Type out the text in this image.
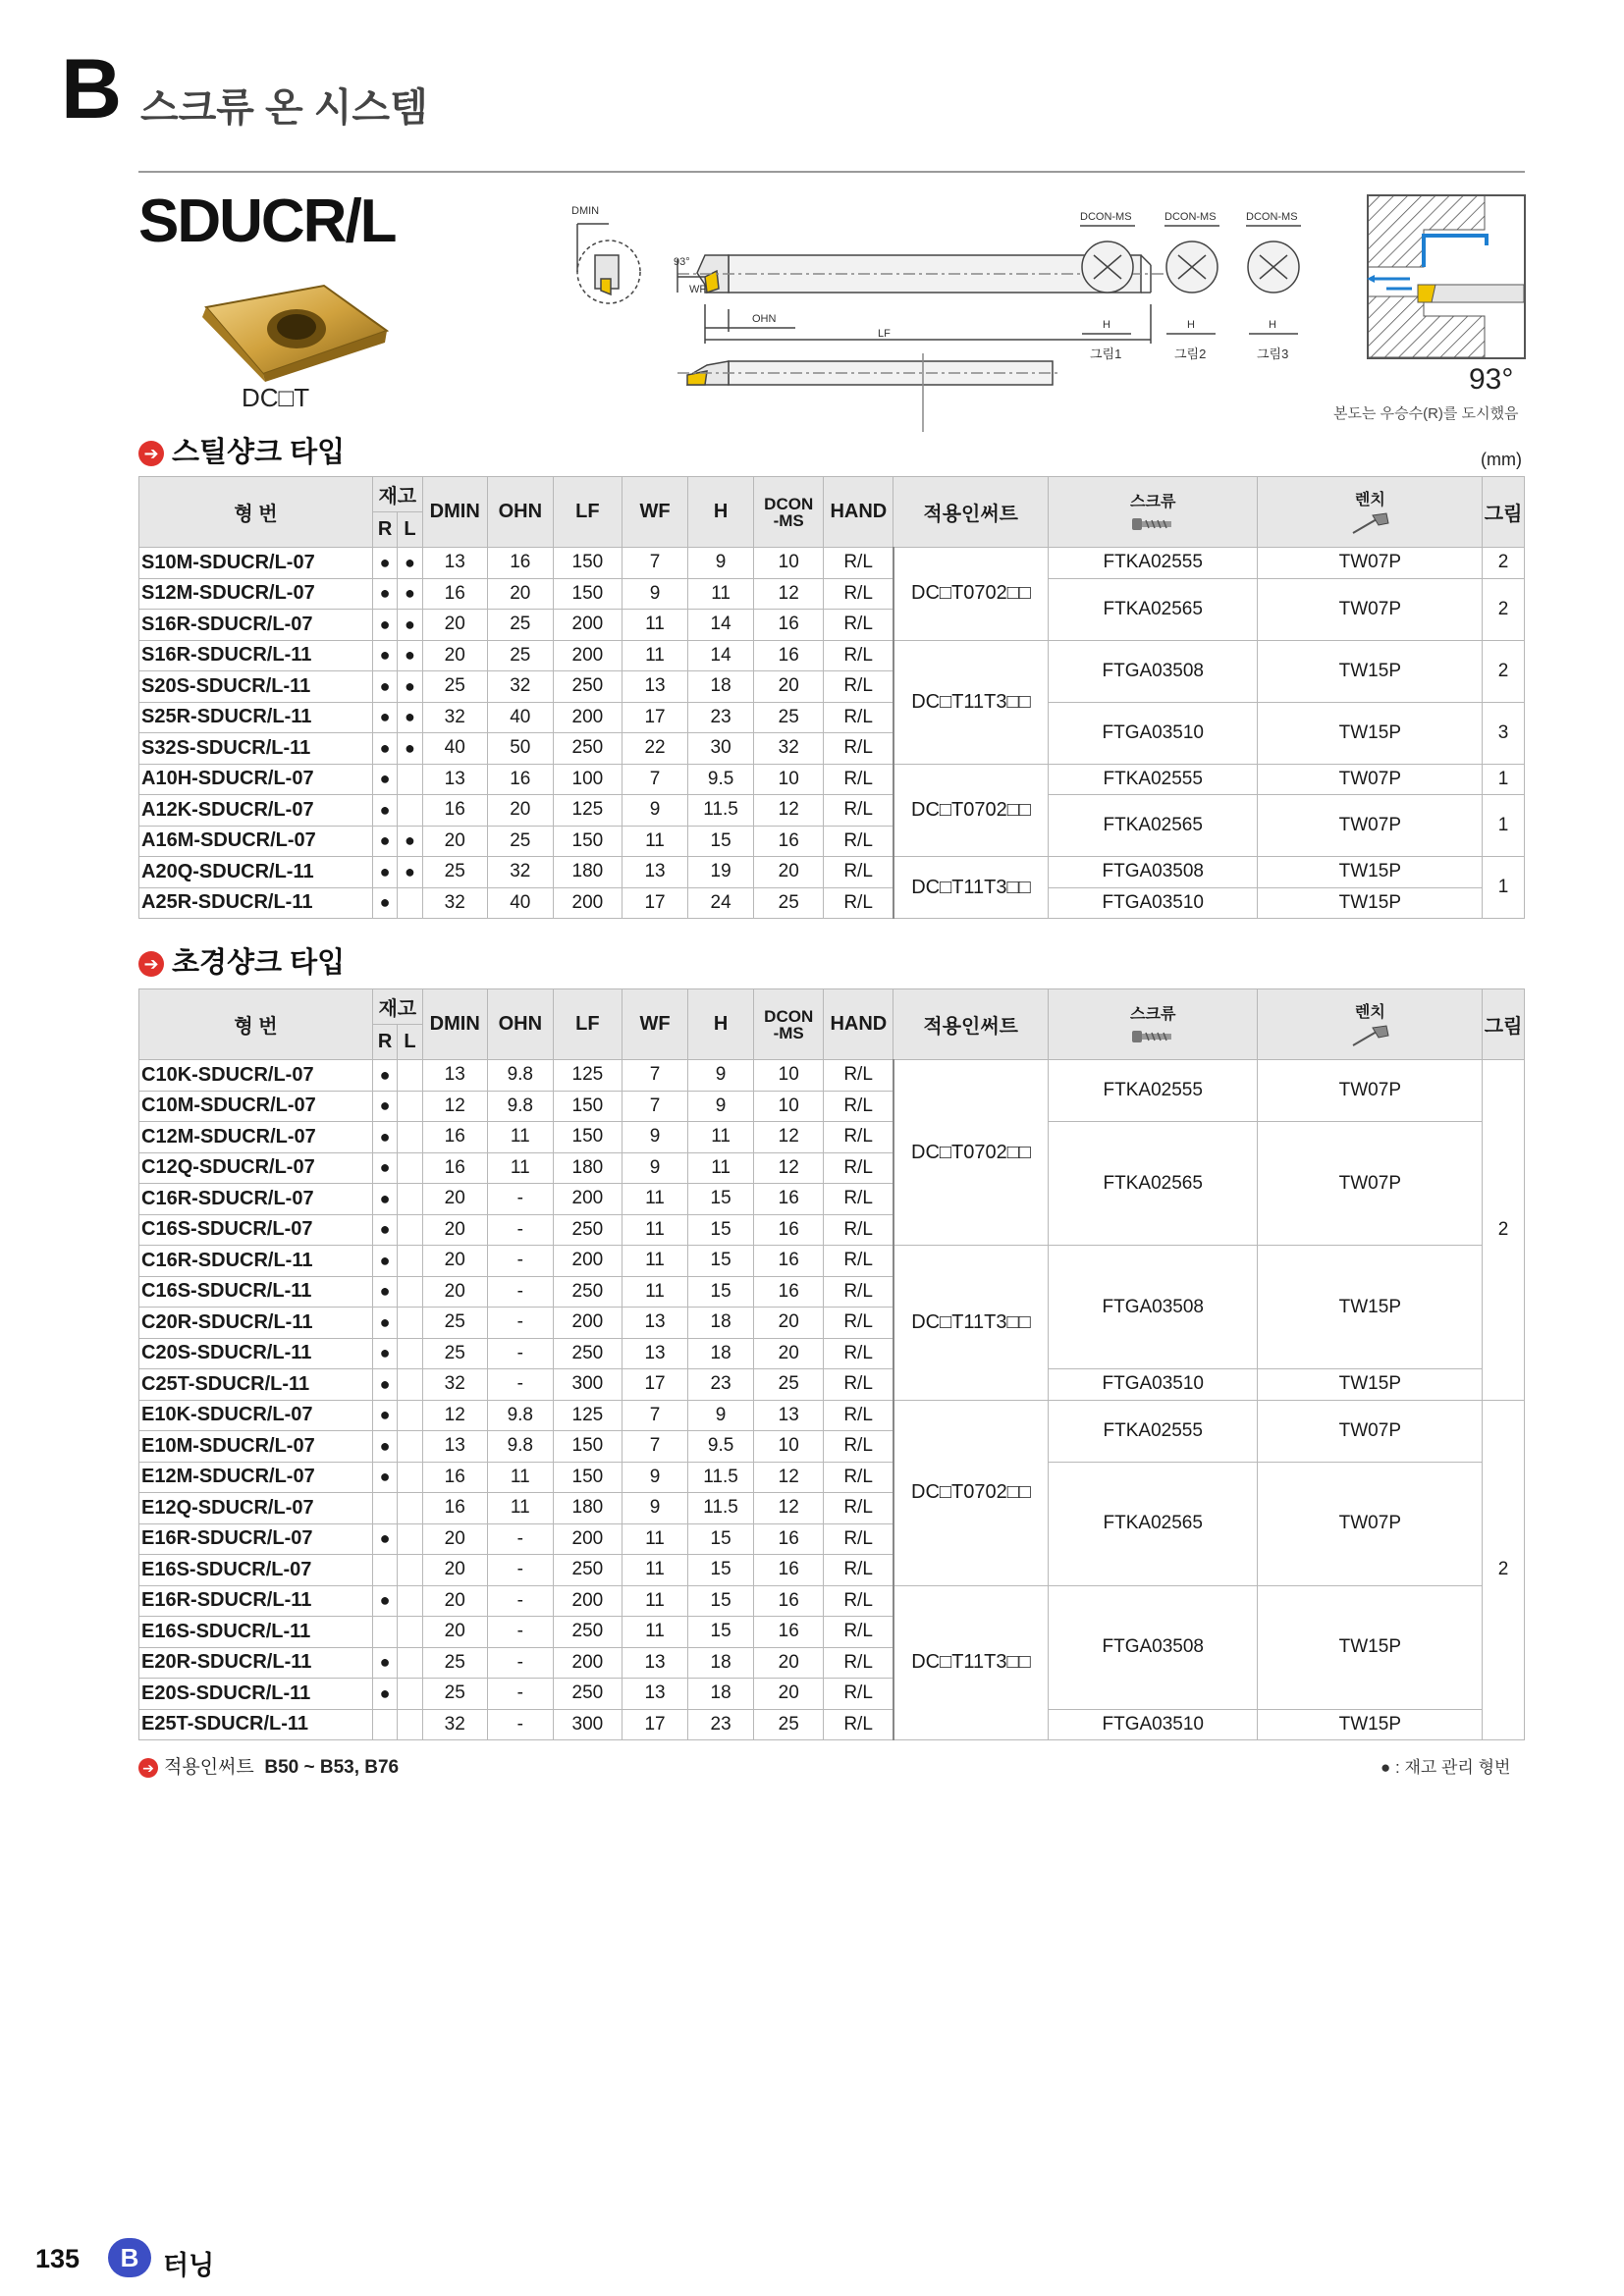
B 스크류 온 시스템
SDUCR/L
DC□T
DMIN
93°
WF
OHN
LF
DCON-MS	DCON-MS	DCON-MS
H	H	H
그림1	그림2	그림3
93°
본도는 우승수(R)를 도시했음
➔ 스틸샹크 타입	(mm)
형 번	재고		DMIN	OHN	LF	WF	H	DCON
-MS	HAND	적용인써트	스크류	렌치	그림
	R	L											
S10M-SDUCR/L-07	●	●	13	16	150	7	9	10	R/L	DC□T0702□□	FTKA02555	TW07P	2
S12M-SDUCR/L-07	●	●	16	20	150	9	11	12	R/L		FTKA02565	TW07P	2
S16R-SDUCR/L-07	●	●	20	25	200	11	14	16	R/L				
S16R-SDUCR/L-11	●	●	20	25	200	11	14	16	R/L	DC□T11T3□□	FTGA03508	TW15P	2
S20S-SDUCR/L-11	●	●	25	32	250	13	18	20	R/L				
S25R-SDUCR/L-11	●	●	32	40	200	17	23	25	R/L		FTGA03510	TW15P	3
S32S-SDUCR/L-11	●	●	40	50	250	22	30	32	R/L				
A10H-SDUCR/L-07	●		13	16	100	7	9.5	10	R/L	DC□T0702□□	FTKA02555	TW07P	1
A12K-SDUCR/L-07	●		16	20	125	9	11.5	12	R/L		FTKA02565	TW07P	1
A16M-SDUCR/L-07	●	●	20	25	150	11	15	16	R/L				
A20Q-SDUCR/L-11	●	●	25	32	180	13	19	20	R/L	DC□T11T3□□	FTGA03508	TW15P	1
A25R-SDUCR/L-11	●		32	40	200	17	24	25	R/L		FTGA03510	TW15P	
➔ 초경샹크 타입
형 번	재고		DMIN	OHN	LF	WF	H	DCON
-MS	HAND	적용인써트	스크류	렌치	그림
	R	L											
C10K-SDUCR/L-07	●		13	9.8	125	7	9	10	R/L	DC□T0702□□	FTKA02555	TW07P	2
C10M-SDUCR/L-07	●		12	9.8	150	7	9	10	R/L				
C12M-SDUCR/L-07	●		16	11	150	9	11	12	R/L		FTKA02565	TW07P	
C12Q-SDUCR/L-07	●		16	11	180	9	11	12	R/L				
C16R-SDUCR/L-07	●		20	-	200	11	15	16	R/L				
C16S-SDUCR/L-07	●		20	-	250	11	15	16	R/L				
C16R-SDUCR/L-11	●		20	-	200	11	15	16	R/L	DC□T11T3□□	FTGA03508	TW15P	
C16S-SDUCR/L-11	●		20	-	250	11	15	16	R/L				
C20R-SDUCR/L-11	●		25	-	200	13	18	20	R/L				
C20S-SDUCR/L-11	●		25	-	250	13	18	20	R/L				
C25T-SDUCR/L-11	●		32	-	300	17	23	25	R/L		FTGA03510	TW15P	
E10K-SDUCR/L-07	●		12	9.8	125	7	9	13	R/L	DC□T0702□□	FTKA02555	TW07P	2
E10M-SDUCR/L-07	●		13	9.8	150	7	9.5	10	R/L				
E12M-SDUCR/L-07	●		16	11	150	9	11.5	12	R/L		FTKA02565	TW07P	
E12Q-SDUCR/L-07			16	11	180	9	11.5	12	R/L				
E16R-SDUCR/L-07	●		20	-	200	11	15	16	R/L				
E16S-SDUCR/L-07			20	-	250	11	15	16	R/L				
E16R-SDUCR/L-11	●		20	-	200	11	15	16	R/L	DC□T11T3□□	FTGA03508	TW15P	
E16S-SDUCR/L-11			20	-	250	11	15	16	R/L				
E20R-SDUCR/L-11	●		25	-	200	13	18	20	R/L				
E20S-SDUCR/L-11	●		25	-	250	13	18	20	R/L				
E25T-SDUCR/L-11			32	-	300	17	23	25	R/L		FTGA03510	TW15P	
➔ 적용인써트 B50 ~ B53, B76	● : 재고 관리 형번
135	B 터닝
